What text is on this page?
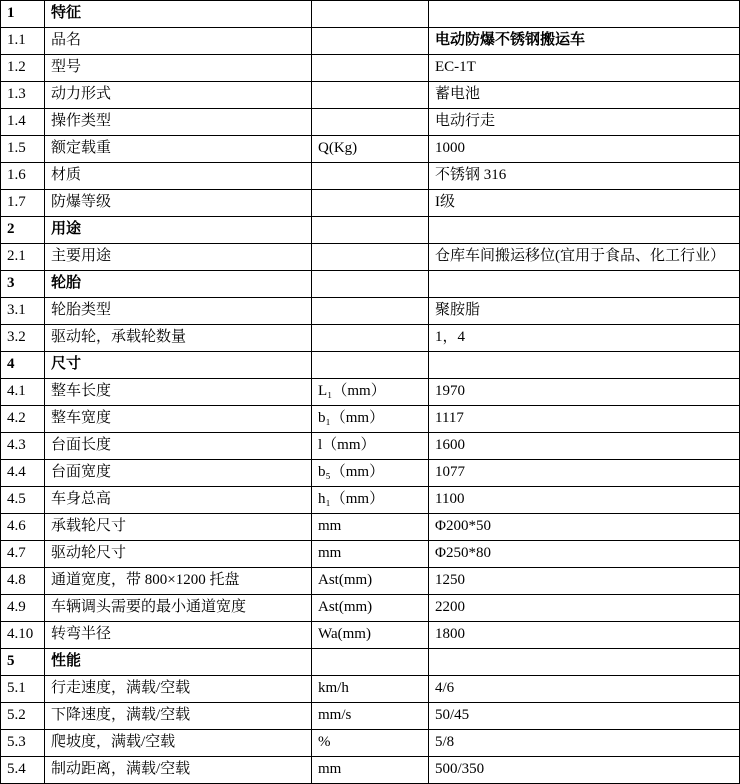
1	特征		
1.1	品名		电动防爆不锈钢搬运车
1.2	型号		EC-1T
1.3	动力形式		蓄电池
1.4	操作类型		电动行走
1.5	额定载重	Q(Kg)	1000
1.6	材质		不锈钢 316
1.7	防爆等级		I级
2	用途		
2.1	主要用途		仓库车间搬运移位(宜用于食品、化工行业）
3	轮胎		
3.1	轮胎类型		聚胺脂
3.2	驱动轮，承载轮数量		1，4
4	尺寸		
4.1	整车长度	L₁（mm）	1970
4.2	整车宽度	b₁（mm）	1117
4.3	台面长度	l（mm）	1600
4.4	台面宽度	b₅（mm）	1077
4.5	车身总高	h₁（mm）	1100
4.6	承载轮尺寸	mm	Φ200*50
4.7	驱动轮尺寸	mm	Φ250*80
4.8	通道宽度，带 800×1200 托盘	Ast(mm)	1250
4.9	车辆调头需要的最小通道宽度	Ast(mm)	2200
4.10	转弯半径	Wa(mm)	1800
5	性能		
5.1	行走速度，满载/空载	km/h	4/6
5.2	下降速度，满载/空载	mm/s	50/45
5.3	爬坡度，满载/空载	%	5/8
5.4	制动距离，满载/空载	mm	500/350
